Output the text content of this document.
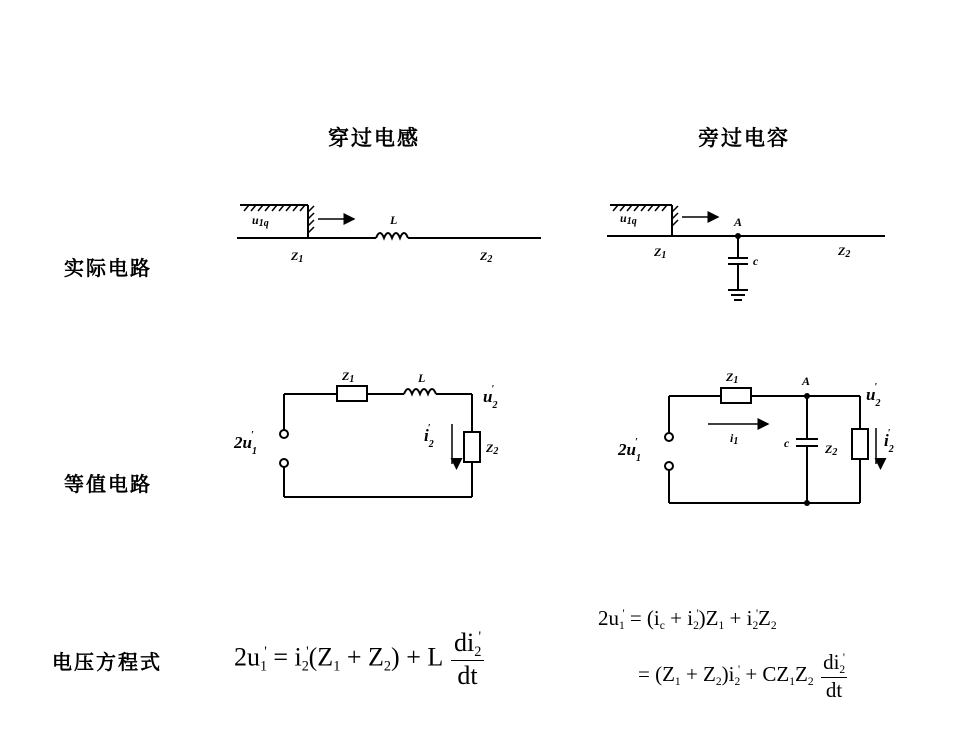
穿过电感	旁过电容
实际电路
等值电路
电压方程式
u1q	L
Z1	Z2
u1q	A
Z1	c
Z2
Z1	L
$u_2'$
$i_2'$
Z2
$2u_1'$
Z1	A
$u_2'$
i1	c	Z2
$i_2'$
$2u_1'$
2u1' = i2'(Z1 + Z2) + L $\frac{di2'}{dt}$
2u1' = (ic + i2')Z1 + i2'Z2
= $(Z1 + Z2)i2' + CZ1Z2 \frac{di2'}{dt}$
